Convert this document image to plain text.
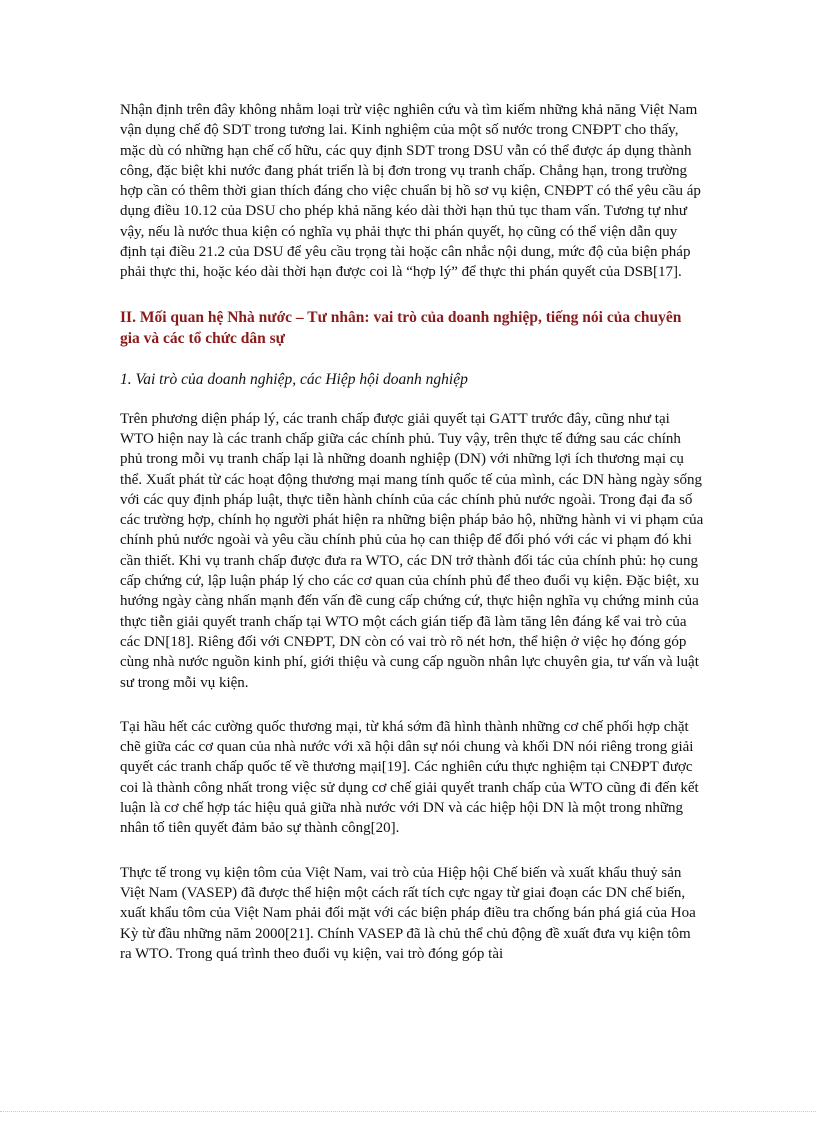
Nhận định trên đây không nhằm loại trừ việc nghiên cứu và tìm kiếm những khả năng Việt Nam vận dụng chế độ SDT trong tương lai. Kinh nghiệm của một số nước trong CNĐPT cho thấy, mặc dù có những hạn chế cố hữu, các quy định SDT trong DSU vẫn có thể được áp dụng thành công, đặc biệt khi nước đang phát triển là bị đơn trong vụ tranh chấp. Chẳng hạn, trong trường hợp cần có thêm thời gian thích đáng cho việc chuẩn bị hồ sơ vụ kiện, CNĐPT có thể yêu cầu áp dụng điều 10.12 của DSU cho phép khả năng kéo dài thời hạn thủ tục tham vấn. Tương tự như vậy, nếu là nước thua kiện có nghĩa vụ phải thực thi phán quyết, họ cũng có thể viện dẫn quy định tại điều 21.2 của DSU để yêu cầu trọng tài hoặc cân nhắc nội dung, mức độ của biện pháp phải thực thi, hoặc kéo dài thời hạn được coi là “hợp lý” để thực thi phán quyết của DSB[17].

II. Mối quan hệ Nhà nước – Tư nhân: vai trò của doanh nghiệp, tiếng nói của chuyên gia và các tổ chức dân sự
1. Vai trò của doanh nghiệp, các Hiệp hội doanh nghiệp

Trên phương diện pháp lý, các tranh chấp được giải quyết tại GATT trước đây, cũng như tại WTO hiện nay là các tranh chấp giữa các chính phủ. Tuy vậy, trên thực tế đứng sau các chính phủ trong mỗi vụ tranh chấp lại là những doanh nghiệp (DN) với những lợi ích thương mại cụ thể. Xuất phát từ các hoạt động thương mại mang tính quốc tế của mình, các DN hàng ngày sống với các quy định pháp luật, thực tiễn hành chính của các chính phủ nước ngoài. Trong đại đa số các trường hợp, chính họ người phát hiện ra những biện pháp bảo hộ, những hành vi vi phạm của chính phủ nước ngoài và yêu cầu chính phủ của họ can thiệp để đối phó với các vi phạm đó khi cần thiết. Khi vụ tranh chấp được đưa ra WTO, các DN trở thành đối tác của chính phủ: họ cung cấp chứng cứ, lập luận pháp lý cho các cơ quan của chính phủ để theo đuổi vụ kiện. Đặc biệt, xu hướng ngày càng nhấn mạnh đến vấn đề cung cấp chứng cứ, thực hiện nghĩa vụ chứng minh của thực tiễn giải quyết tranh chấp tại WTO một cách gián tiếp đã làm tăng lên đáng kể vai trò của các DN[18]. Riêng đối với CNĐPT, DN còn có vai trò rõ nét hơn, thể hiện ở việc họ đóng góp cùng nhà nước nguồn kinh phí, giới thiệu và cung cấp nguồn nhân lực chuyên gia, tư vấn và luật sư trong mỗi vụ kiện.

Tại hầu hết các cường quốc thương mại, từ khá sớm đã hình thành những cơ chế phối hợp chặt chẽ giữa các cơ quan của nhà nước với xã hội dân sự nói chung và khối DN nói riêng trong giải quyết các tranh chấp quốc tế về thương mại[19]. Các nghiên cứu thực nghiệm tại CNĐPT được coi là thành công nhất trong việc sử dụng cơ chế giải quyết tranh chấp của WTO cũng đi đến kết luận là cơ chế hợp tác hiệu quả giữa nhà nước với DN và các hiệp hội DN là một trong những nhân tố tiên quyết đảm bảo sự thành công[20].

Thực tế trong vụ kiện tôm của Việt Nam, vai trò của Hiệp hội Chế biến và xuất khẩu thuỷ sản Việt Nam (VASEP) đã được thể hiện một cách rất tích cực ngay từ giai đoạn các DN chế biến, xuất khẩu tôm của Việt Nam phải đối mặt với các biện pháp điều tra chống bán phá giá của Hoa Kỳ từ đầu những năm 2000[21]. Chính VASEP đã là chủ thể chủ động đề xuất đưa vụ kiện tôm ra WTO. Trong quá trình theo đuổi vụ kiện, vai trò đóng góp tài
